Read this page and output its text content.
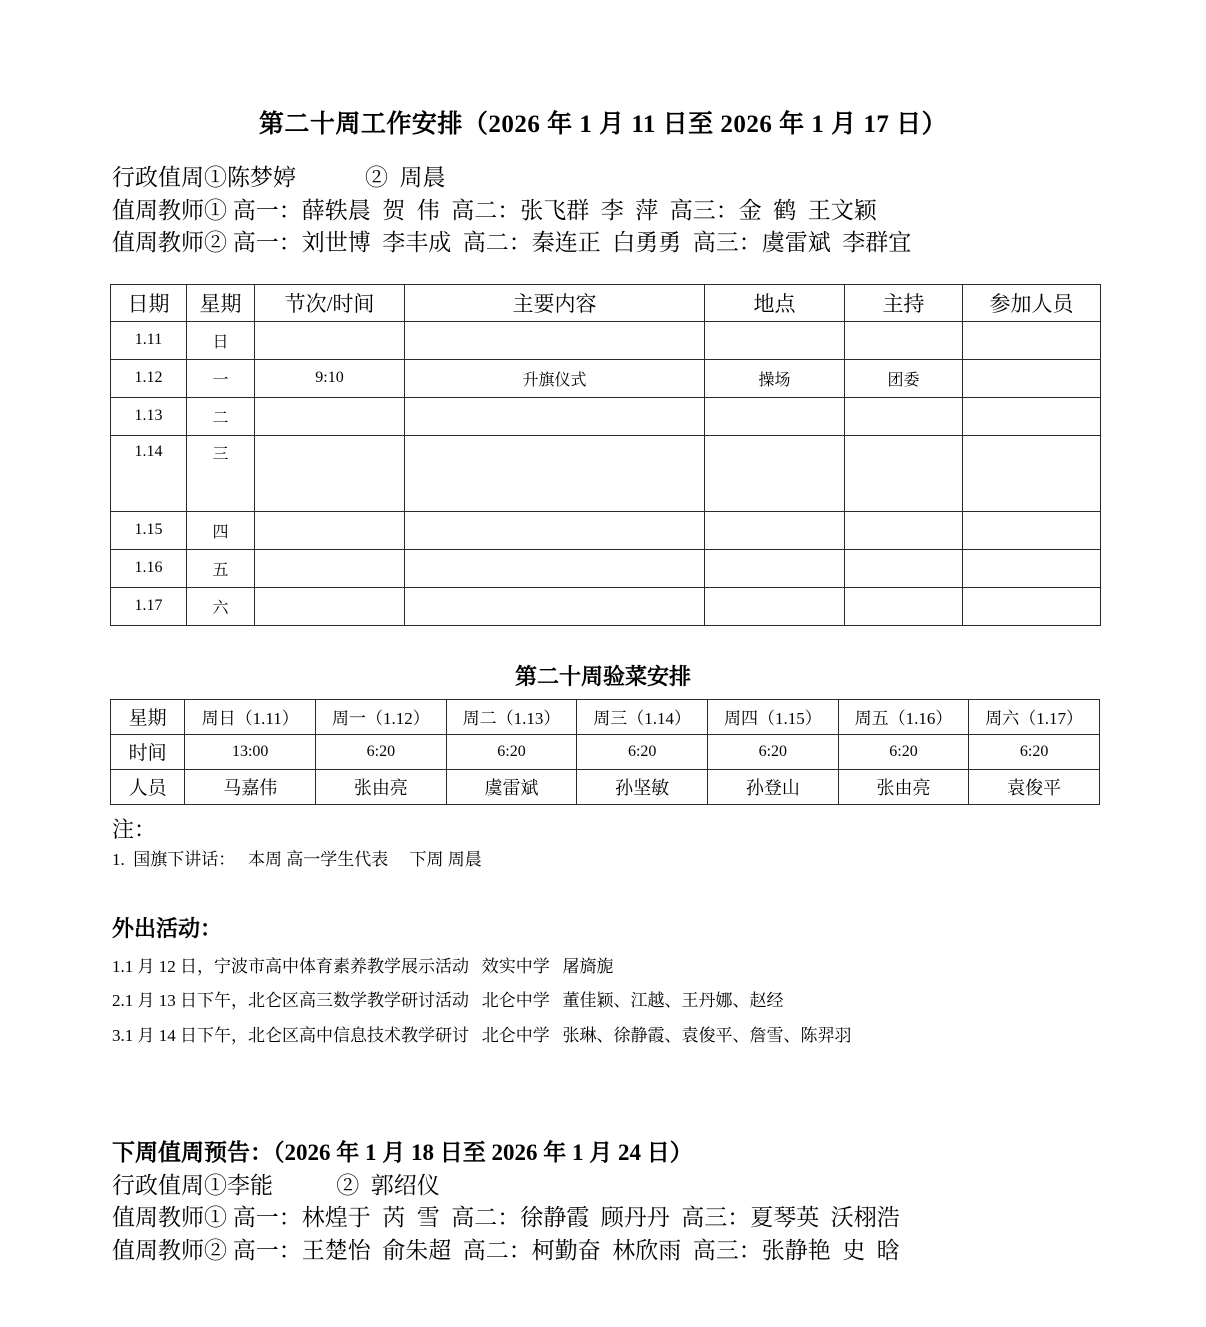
第二十周工作安排（2026 年 1 月 11 日至 2026 年 1 月 17 日）
行政值周①陈梦婷            ②  周晨
值周教师① 高一：薛轶晨  贺  伟  高二：张飞群  李  萍  高三：金  鹤  王文颖
值周教师② 高一：刘世博  李丰成  高二：秦连正  白勇勇  高三：虞雷斌  李群宜
日期	星期	节次/时间	主要内容	地点	主持	参加人员
1.11	日					
1.12	一	9:10	升旗仪式	操场	团委	
1.13	二					
1.14	三					
1.15	四					
1.16	五					
1.17	六					
第二十周验菜安排
星期	周日（1.11）	周一（1.12）	周二（1.13）	周三（1.14）	周四（1.15）	周五（1.16）	周六（1.17）
时间	13:00	6:20	6:20	6:20	6:20	6:20	6:20
人员	马嘉伟	张由亮	虞雷斌	孙坚敏	孙登山	张由亮	袁俊平
注：
1.  国旗下讲话：   本周 高一学生代表     下周 周晨
外出活动：
1.1 月 12 日，宁波市高中体育素养教学展示活动   效实中学   屠旖旎
2.1 月 13 日下午，北仑区高三数学教学研讨活动   北仑中学   董佳颖、江越、王丹娜、赵经
3.1 月 14 日下午，北仑区高中信息技术教学研讨   北仑中学   张琳、徐静霞、袁俊平、詹雪、陈羿羽
下周值周预告：（2026 年 1 月 18 日至 2026 年 1 月 24 日）
行政值周①李能           ②  郭绍仪
值周教师① 高一：林煌于  芮  雪  高二：徐静霞  顾丹丹  高三：夏琴英  沃栩浩
值周教师② 高一：王楚怡  俞朱超  高二：柯勤奋  林欣雨  高三：张静艳  史  晗
